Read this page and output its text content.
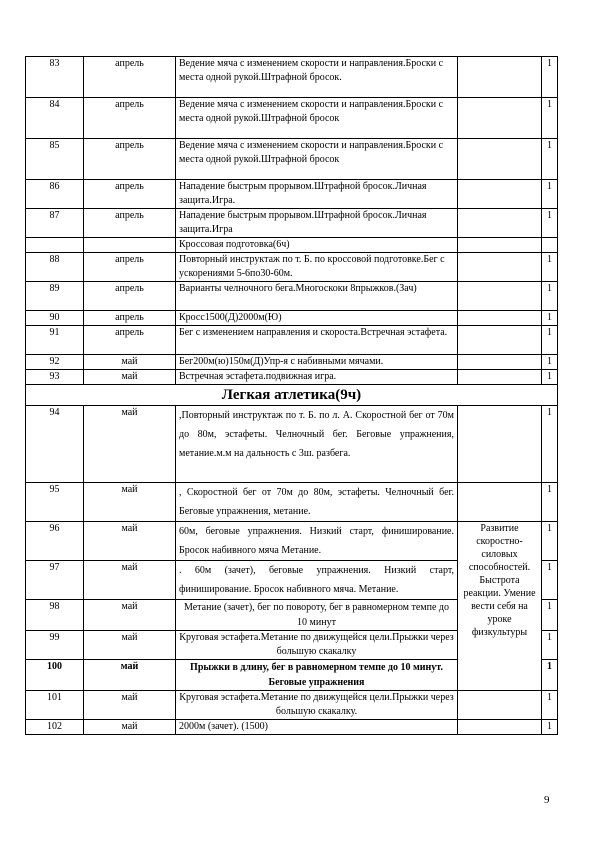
83	апрель	Ведение мяча с изменением скорости и направления.Броски с места одной рукой.Штрафной бросок.		1
84	апрель	Ведение мяча с изменением скорости и направления.Броски с места одной рукой.Штрафной бросок		1
85	апрель	Ведение мяча с изменением скорости и направления.Броски с места одной рукой.Штрафной бросок		1
86	апрель	Нападение быстрым прорывом.Штрафной бросок.Личная защита.Игра.		1
87	апрель	Нападение быстрым прорывом.Штрафной бросок.Личная защита.Игра		1
		Кроссовая подготовка(6ч)		
88	апрель	Повторный инструктаж по т. Б. по кроссовой подготовке.Бег с ускорениями 5-6по30-60м.		1
89	апрель	Варианты челночного бега.Многоскоки 8прыжков.(Зач)		1
90	апрель	Кросс1500(Д)2000м(Ю)		1
91	апрель	Бег с изменением направления и скороста.Встречная эстафета.		1
92	май	Бег200м(ю)150м(Д)Упр-я с набивными мячами.		1
93	май	Встречная эстафета.подвижная игра.		1
Легкая атлетика(9ч)				
94	май	,Повторный инструктаж по т. Б. по л. А. Скоростной бег от 70м до 80м, эстафеты. Челночный бег. Беговые упражнения, метание.м.м на дальность с 3ш. разбега.		1
95	май	, Скоростной бег от 70м до 80м, эстафеты. Челночный бег. Беговые упражнения, метание.		1
96	май	60м, беговые упражнения. Низкий старт, финиширование. Бросок набивного мяча Метание.	Развитие скоростно-силовых способностей. Быстрота реакции. Умение вести себя на уроке физкультуры	1
97	май	. 60м (зачет), беговые упражнения. Низкий старт, финиширование. Бросок набивного мяча. Метание.		1
98	май	Метание (зачет), бег по повороту, бег в равномерном темпе до 10 минут		1
99	май	Круговая эстафета.Метание по движущейся цели.Прыжки через большую скакалку		1
100	май	Прыжки в длину, бег в равномерном темпе до 10 минут. Беговые упражнения		1
101	май	Круговая эстафета.Метание по движущейся цели.Прыжки через большую скакалку.		1
102	май	2000м (зачет). (1500)		1
9
